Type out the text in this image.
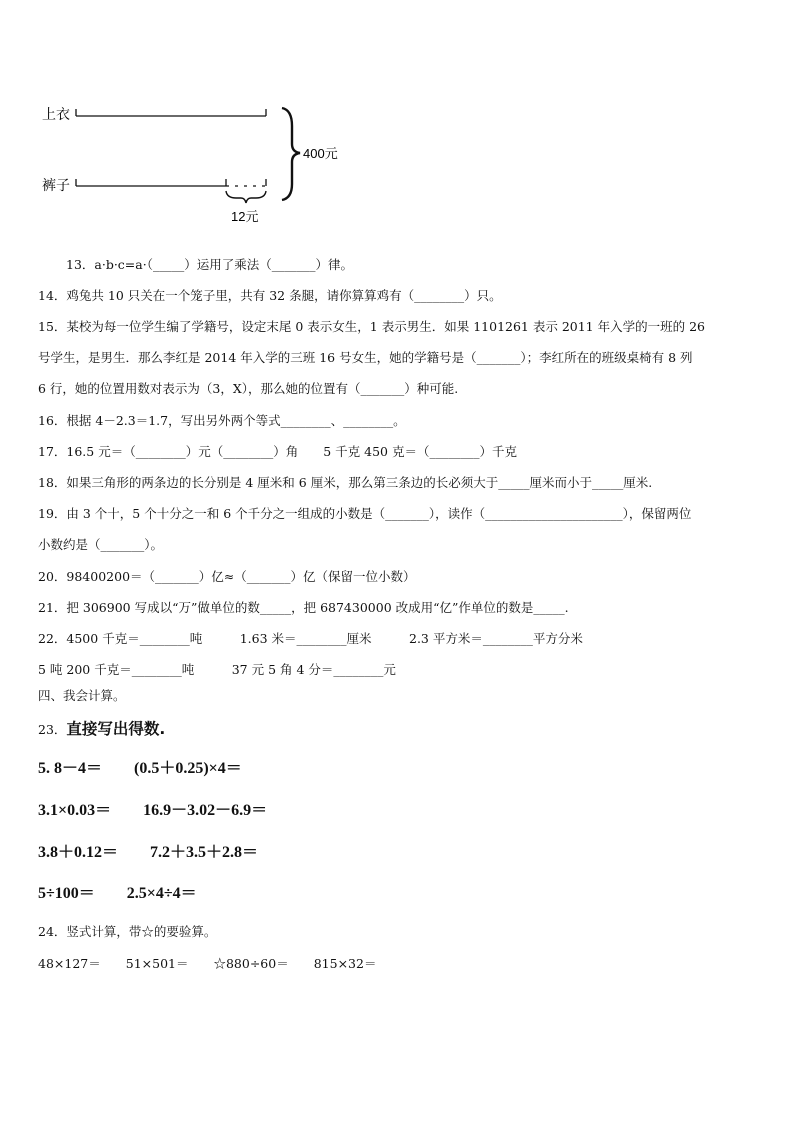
上衣
裤子
400元
12元
13．a·b·c=a·（_____）运用了乘法（_______）律。
14．鸡兔共 10 只关在一个笼子里，共有 32 条腿，请你算算鸡有（________）只。
15．某校为每一位学生编了学籍号，设定末尾 0 表示女生，1 表示男生．如果 1101261 表示 2011 年入学的一班的 26
号学生，是男生．那么李红是 2014 年入学的三班 16 号女生，她的学籍号是（_______）；李红所在的班级桌椅有 8 列
6 行，她的位置用数对表示为（3，X），那么她的位置有（_______）种可能.
16．根据 4－2.3＝1.7，写出另外两个等式________、________。
17．16.5 元＝（________）元（________）角　　5 千克 450 克＝（________）千克
18．如果三角形的两条边的长分别是 4 厘米和 6 厘米，那么第三条边的长必须大于_____厘米而小于_____厘米.
19．由 3 个十，5 个十分之一和 6 个千分之一组成的小数是（_______），读作（______________________），保留两位
小数约是（_______）。
20．98400200＝（_______）亿≈（_______）亿（保留一位小数）
21．把 306900 写成以“万”做单位的数_____，把 687430000 改成用“亿”作单位的数是_____.
22．4500 千克＝________吨　　　1.63 米＝________厘米　　　2.3 平方米＝________平方分米
5 吨 200 千克＝________吨　　　37 元 5 角 4 分＝________元
四、我会计算。
23．直接写出得数.
5. 8－4＝　　(0.5＋0.25)×4＝
3.1×0.03＝　　16.9－3.02－6.9＝
3.8＋0.12＝　　7.2＋3.5＋2.8＝
5÷100＝　　2.5×4÷4＝
24．竖式计算，带☆的要验算。
48×127＝　　51×501＝　　☆880÷60＝　　815×32＝
